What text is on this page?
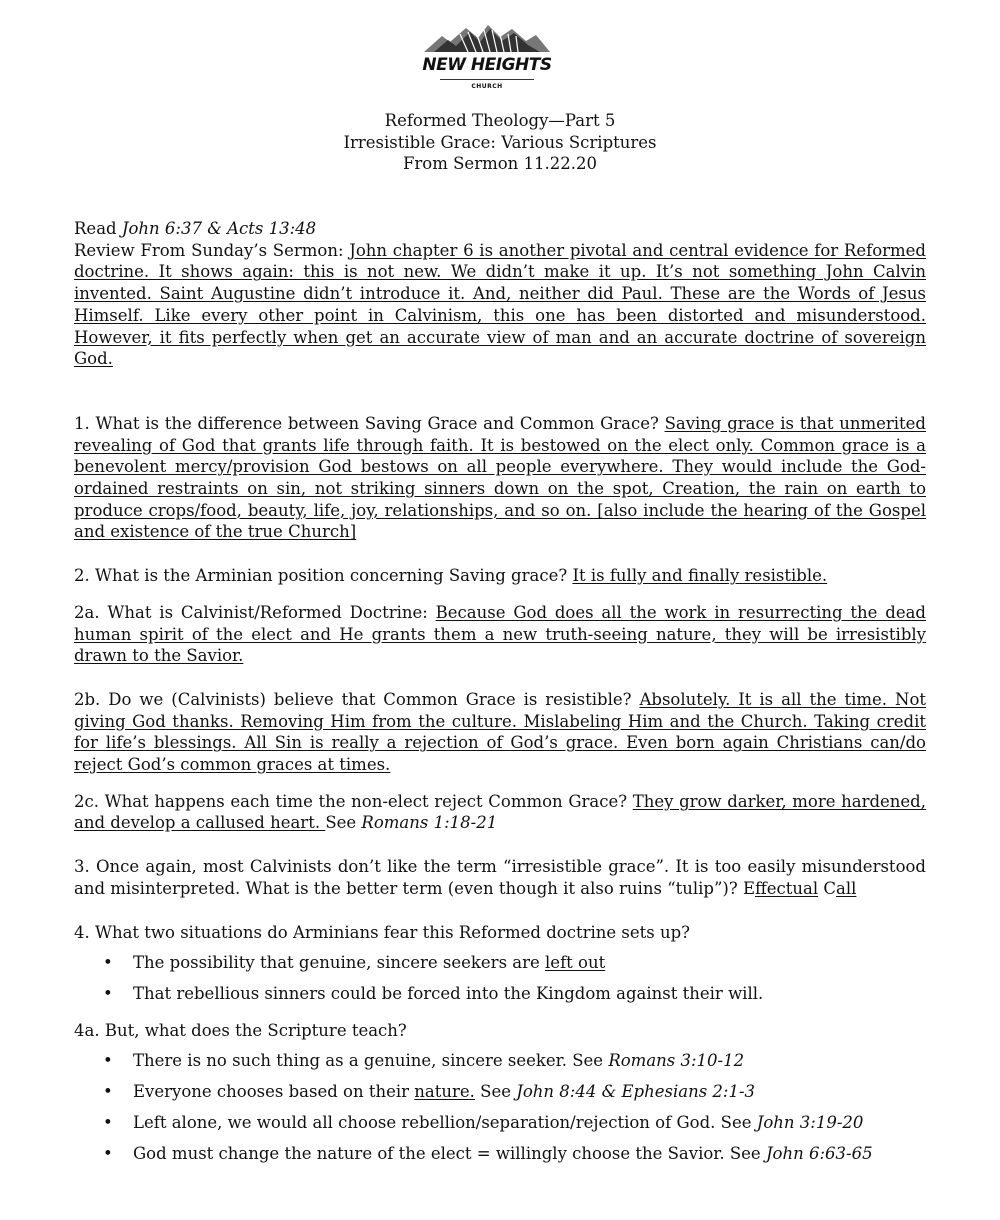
NEW HEIGHTS
CHURCH
Reformed Theology—Part 5
Irresistible Grace: Various Scriptures
From Sermon 11.22.20

Read John 6:37 & Acts 13:48

Review From Sunday’s Sermon: John chapter 6 is another pivotal and central evidence for Reformed doctrine. It shows again: this is not new. We didn’t make it up. It’s not something John Calvin invented. Saint Augustine didn’t introduce it. And, neither did Paul. These are the Words of Jesus Himself. Like every other point in Calvinism, this one has been distorted and misunderstood. However, it fits perfectly when get an accurate view of man and an accurate doctrine of sovereign God.

1. What is the difference between Saving Grace and Common Grace? Saving grace is that unmerited revealing of God that grants life through faith. It is bestowed on the elect only. Common grace is a benevolent mercy/provision God bestows on all people everywhere. They would include the God-ordained restraints on sin, not striking sinners down on the spot, Creation, the rain on earth to produce crops/food, beauty, life, joy, relationships, and so on. [also include the hearing of the Gospel and existence of the true Church]

2. What is the Arminian position concerning Saving grace? It is fully and finally resistible.

2a. What is Calvinist/Reformed Doctrine: Because God does all the work in resurrecting the dead human spirit of the elect and He grants them a new truth-seeing nature, they will be irresistibly drawn to the Savior.

2b. Do we (Calvinists) believe that Common Grace is resistible? Absolutely. It is all the time. Not giving God thanks. Removing Him from the culture. Mislabeling Him and the Church. Taking credit for life’s blessings. All Sin is really a rejection of God’s grace. Even born again Christians can/do reject God’s common graces at times.

2c. What happens each time the non-elect reject Common Grace? They grow darker, more hardened, and develop a callused heart. See Romans 1:18-21

3. Once again, most Calvinists don’t like the term “irresistible grace”. It is too easily misunderstood and misinterpreted. What is the better term (even though it also ruins “tulip”)? Effectual Call

4. What two situations do Arminians fear this Reformed doctrine sets up?

• The possibility that genuine, sincere seekers are left out
• That rebellious sinners could be forced into the Kingdom against their will.

4a. But, what does the Scripture teach?

• There is no such thing as a genuine, sincere seeker. See Romans 3:10-12
• Everyone chooses based on their nature. See John 8:44 & Ephesians 2:1-3
• Left alone, we would all choose rebellion/separation/rejection of God. See John 3:19-20
• God must change the nature of the elect = willingly choose the Savior. See John 6:63-65
